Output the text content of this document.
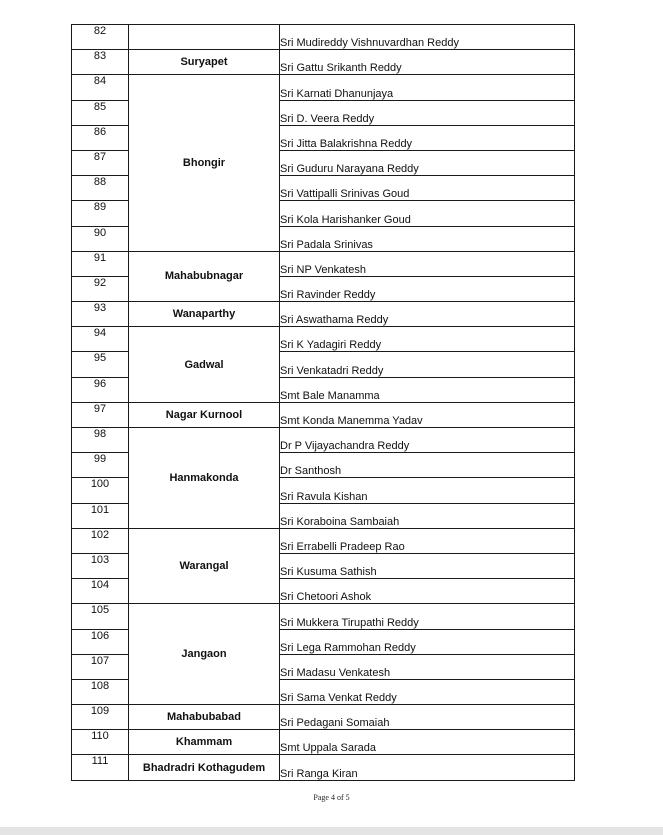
82		Sri Mudireddy Vishnuvardhan Reddy
83	Suryapet	Sri Gattu Srikanth Reddy
84	Bhongir	Sri Karnati Dhanunjaya
85		Sri D. Veera Reddy
86		Sri Jitta Balakrishna Reddy
87		Sri Guduru Narayana Reddy
88		Sri Vattipalli Srinivas Goud
89		Sri Kola Harishanker Goud
90		Sri Padala Srinivas
91	Mahabubnagar	Sri NP Venkatesh
92		Sri Ravinder Reddy
93	Wanaparthy	Sri Aswathama Reddy
94	Gadwal	Sri K Yadagiri Reddy
95		Sri Venkatadri Reddy
96		Smt Bale Manamma
97	Nagar Kurnool	Smt Konda Manemma Yadav
98	Hanmakonda	Dr P Vijayachandra Reddy
99		Dr Santhosh
100		Sri Ravula Kishan
101		Sri Koraboina Sambaiah
102	Warangal	Sri Errabelli Pradeep Rao
103		Sri Kusuma Sathish
104		Sri Chetoori Ashok
105	Jangaon	Sri Mukkera Tirupathi Reddy
106		Sri Lega Rammohan Reddy
107		Sri Madasu Venkatesh
108		Sri Sama Venkat Reddy
109	Mahabubabad	Sri Pedagani Somaiah
110	Khammam	Smt Uppala Sarada
111	Bhadradri Kothagudem	Sri Ranga Kiran
Page 4 of 5
